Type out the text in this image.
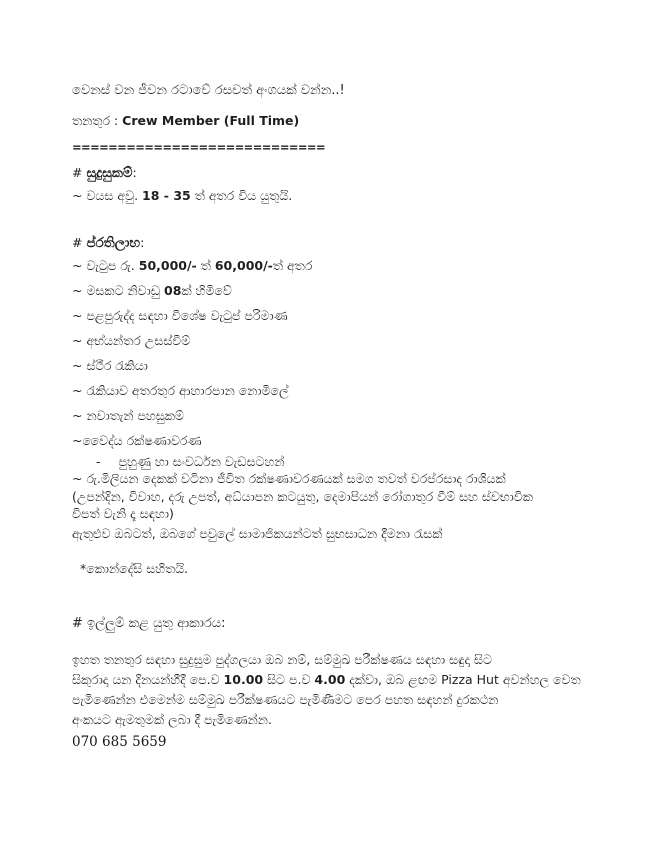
වෙනස් වන ජීවන රටාවේ රසවත් අංගයක් වන්න..!

තනතුර : Crew Member (Full Time)

============================

# සුදුසුකම්:

~ වයස අවු. 18 - 35 ත් අතර විය යුතුයි.

# ප්රතිලාභ:

~ වැටුප රු. 50,000/- ත් 60,000/-ත් අතර

~ මසකට නිවාඩු 08ක් හිමිවේ

~ පළපුරුද්ද සඳහා විශේෂ වැටුප් පරිමාණ

~ අභ්යන්තර උසස්වීම්

~ ස්ථීර රැකියා

~ රැකියාව අතරතුර ආහාරපාන නොමිලේ

~ නවාතැන් පහසුකම්

~වෛද්ය රක්ෂණාවරණ

- පුහුණු හා සංවර්ධන වැඩසටහන්

~ රු.මිලියන දෙකක් වටිනා ජීවිත රක්ෂණාවරණයක් සමග තවත් වරප්රසාද රාශියක්

(උපන්දින, විවාහ, දරු උපත්, අධ්යාපන කටයුතු, දෙමාපියන් රෝගාතුර වීම් සහ ස්වභාවික

විපත් වැනි දෑ සඳහා)

ඇතුළුව ඔබටත්, ඔබගේ පවුලේ සාමාජිකයන්ටත් සුභසාධන දීමනා රැසක්

*කොන්දේසි සහිතයි.

# ඉල්ලුම් කළ යුතු ආකාරය:

ඉහත තනතුර සඳහා සුදුසුම පුද්ගලයා ඔබ නම්, සම්මුඛ පරීක්ෂණය සඳහා සඳුදා සිට

සිකුරාදා යන දිනයන්හීදී පෙ.ව 10.00 සිට ප.ව 4.00 දක්වා, ඔබ ළඟම Pizza Hut අවන්හල වෙත

පැමිණෙන්න එමෙන්ම සම්මුඛ පරීක්ෂණයට පැමිණීමට පෙර පහත සඳහන් දුරකථන

අංකයට ඇමතුමක් ලබා දී පැමිණෙන්න.

070 685 5659
